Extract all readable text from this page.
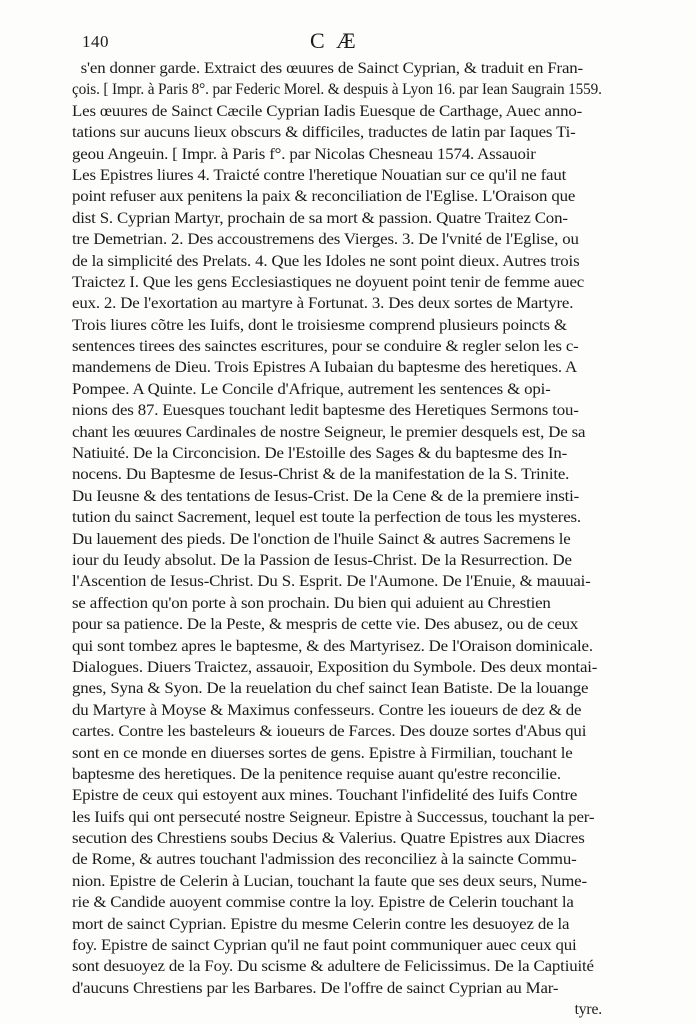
140	C Æ
s'en donner garde. Extraict des œuures de Sainct Cyprian, & traduit en Fran-
çois. [ Impr. à Paris 8°. par Federic Morel. & despuis à Lyon 16. par Iean Saugrain 1559.
Les œuures de Sainct Cæcile Cyprian Iadis Euesque de Carthage, Auec anno-
tations sur aucuns lieux obscurs & difficiles, traductes de latin par Iaques Ti-
geou Angeuin. [ Impr. à Paris f°. par Nicolas Chesneau 1574. Assauoir
Les Epistres liures 4. Traicté contre l'heretique Nouatian sur ce qu'il ne faut
point refuser aux penitens la paix & reconciliation de l'Eglise. L'Oraison que
dist S. Cyprian Martyr, prochain de sa mort & passion. Quatre Traitez Con-
tre Demetrian. 2. Des accoustremens des Vierges. 3. De l'vnité de l'Eglise, ou
de la simplicité des Prelats. 4. Que les Idoles ne sont point dieux. Autres trois
Traictez I. Que les gens Ecclesiastiques ne doyuent point tenir de femme auec
eux. 2. De l'exortation au martyre à Fortunat. 3. Des deux sortes de Martyre.
Trois liures cõtre les Iuifs, dont le troisiesme comprend plusieurs poincts &
sentences tirees des sainctes escritures, pour se conduire & regler selon les c-
mandemens de Dieu. Trois Epistres A Iubaian du baptesme des heretiques. A
Pompee. A Quinte. Le Concile d'Afrique, autrement les sentences & opi-
nions des 87. Euesques touchant ledit baptesme des Heretiques Sermons tou-
chant les œuures Cardinales de nostre Seigneur, le premier desquels est, De sa
Natiuité. De la Circoncision. De l'Estoille des Sages & du baptesme des In-
nocens. Du Baptesme de Iesus-Christ & de la manifestation de la S. Trinite.
Du Ieusne & des tentations de Iesus-Crist. De la Cene & de la premiere insti-
tution du sainct Sacrement, lequel est toute la perfection de tous les mysteres.
Du lauement des pieds. De l'onction de l'huile Sainct & autres Sacremens le
iour du Ieudy absolut. De la Passion de Iesus-Christ. De la Resurrection. De
l'Ascention de Iesus-Christ. Du S. Esprit. De l'Aumone. De l'Enuie, & mauuai-
se affection qu'on porte à son prochain. Du bien qui aduient au Chrestien
pour sa patience. De la Peste, & mespris de cette vie. Des abusez, ou de ceux
qui sont tombez apres le baptesme, & des Martyrisez. De l'Oraison dominicale.
Dialogues. Diuers Traictez, assauoir, Exposition du Symbole. Des deux montai-
gnes, Syna & Syon. De la reuelation du chef sainct Iean Batiste. De la louange
du Martyre à Moyse & Maximus confesseurs. Contre les ioueurs de dez & de
cartes. Contre les basteleurs & ioueurs de Farces. Des douze sortes d'Abus qui
sont en ce monde en diuerses sortes de gens. Epistre à Firmilian, touchant le
baptesme des heretiques. De la penitence requise auant qu'estre reconcilie.
Epistre de ceux qui estoyent aux mines. Touchant l'infidelité des Iuifs Contre
les Iuifs qui ont persecuté nostre Seigneur. Epistre à Successus, touchant la per-
secution des Chrestiens soubs Decius & Valerius. Quatre Epistres aux Diacres
de Rome, & autres touchant l'admission des reconciliez à la saincte Commu-
nion. Epistre de Celerin à Lucian, touchant la faute que ses deux seurs, Nume-
rie & Candide auoyent commise contre la loy. Epistre de Celerin touchant la
mort de sainct Cyprian. Epistre du mesme Celerin contre les desuoyez de la
foy. Epistre de sainct Cyprian qu'il ne faut point communiquer auec ceux qui
sont desuoyez de la Foy. Du scisme & adultere de Felicissimus. De la Captiuité
d'aucuns Chrestiens par les Barbares. De l'offre de sainct Cyprian au Mar-
tyre.
